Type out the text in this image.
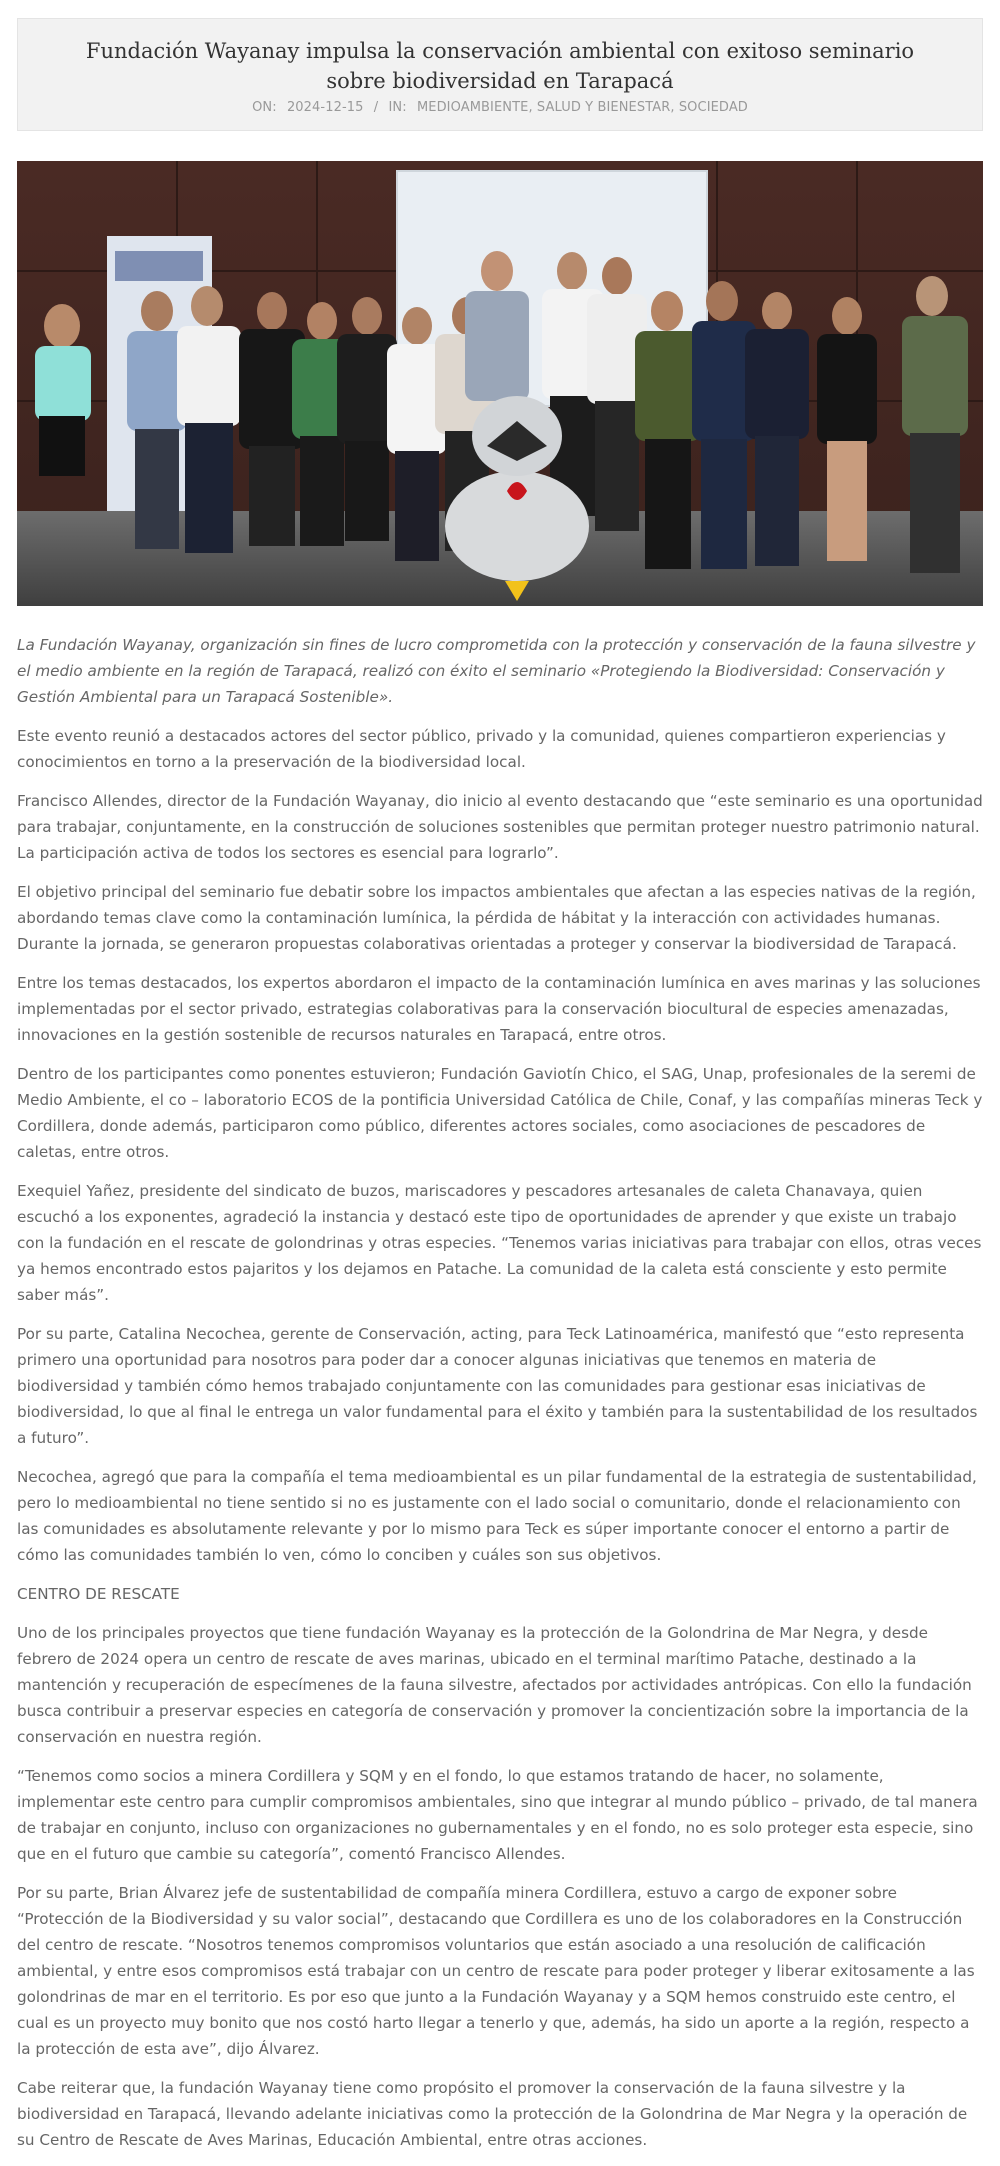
Fundación Wayanay impulsa la conservación ambiental con exitoso seminario sobre biodiversidad en Tarapacá
ON: 2024-12-15 / IN: MEDIOAMBIENTE, SALUD Y BIENESTAR, SOCIEDAD

La Fundación Wayanay, organización sin fines de lucro comprometida con la protección y conservación de la fauna silvestre y el medio ambiente en la región de Tarapacá, realizó con éxito el seminario «Protegiendo la Biodiversidad: Conservación y Gestión Ambiental para un Tarapacá Sostenible».

Este evento reunió a destacados actores del sector público, privado y la comunidad, quienes compartieron experiencias y conocimientos en torno a la preservación de la biodiversidad local.

Francisco Allendes, director de la Fundación Wayanay, dio inicio al evento destacando que “este seminario es una oportunidad para trabajar, conjuntamente, en la construcción de soluciones sostenibles que permitan proteger nuestro patrimonio natural. La participación activa de todos los sectores es esencial para lograrlo”.

El objetivo principal del seminario fue debatir sobre los impactos ambientales que afectan a las especies nativas de la región, abordando temas clave como la contaminación lumínica, la pérdida de hábitat y la interacción con actividades humanas. Durante la jornada, se generaron propuestas colaborativas orientadas a proteger y conservar la biodiversidad de Tarapacá.

Entre los temas destacados, los expertos abordaron el impacto de la contaminación lumínica en aves marinas y las soluciones implementadas por el sector privado, estrategias colaborativas para la conservación biocultural de especies amenazadas, innovaciones en la gestión sostenible de recursos naturales en Tarapacá, entre otros.

Dentro de los participantes como ponentes estuvieron; Fundación Gaviotín Chico, el SAG, Unap, profesionales de la seremi de Medio Ambiente, el co – laboratorio ECOS de la pontificia Universidad Católica de Chile, Conaf, y las compañías mineras Teck y Cordillera, donde además, participaron como público, diferentes actores sociales, como asociaciones de pescadores de caletas, entre otros.

Exequiel Yañez, presidente del sindicato de buzos, mariscadores y pescadores artesanales de caleta Chanavaya, quien escuchó a los exponentes, agradeció la instancia y destacó este tipo de oportunidades de aprender y que existe un trabajo con la fundación en el rescate de golondrinas y otras especies. “Tenemos varias iniciativas para trabajar con ellos, otras veces ya hemos encontrado estos pajaritos y los dejamos en Patache. La comunidad de la caleta está consciente y esto permite saber más”.

Por su parte, Catalina Necochea, gerente de Conservación, acting, para Teck Latinoamérica, manifestó que “esto representa primero una oportunidad para nosotros para poder dar a conocer algunas iniciativas que tenemos en materia de biodiversidad y también cómo hemos trabajado conjuntamente con las comunidades para gestionar esas iniciativas de biodiversidad, lo que al final le entrega un valor fundamental para el éxito y también para la sustentabilidad de los resultados a futuro”.

Necochea, agregó que para la compañía el tema medioambiental es un pilar fundamental de la estrategia de sustentabilidad, pero lo medioambiental no tiene sentido si no es justamente con el lado social o comunitario, donde el relacionamiento con las comunidades es absolutamente relevante y por lo mismo para Teck es súper importante conocer el entorno a partir de cómo las comunidades también lo ven, cómo lo conciben y cuáles son sus objetivos.

CENTRO DE RESCATE

Uno de los principales proyectos que tiene fundación Wayanay es la protección de la Golondrina de Mar Negra, y desde febrero de 2024 opera un centro de rescate de aves marinas, ubicado en el terminal marítimo Patache, destinado a la mantención y recuperación de especímenes de la fauna silvestre, afectados por actividades antrópicas. Con ello la fundación busca contribuir a preservar especies en categoría de conservación y promover la concientización sobre la importancia de la conservación en nuestra región.

“Tenemos como socios a minera Cordillera y SQM y en el fondo, lo que estamos tratando de hacer, no solamente, implementar este centro para cumplir compromisos ambientales, sino que integrar al mundo público – privado, de tal manera de trabajar en conjunto, incluso con organizaciones no gubernamentales y en el fondo, no es solo proteger esta especie, sino que en el futuro que cambie su categoría”, comentó Francisco Allendes.

Por su parte, Brian Álvarez jefe de sustentabilidad de compañía minera Cordillera, estuvo a cargo de exponer sobre “Protección de la Biodiversidad y su valor social”, destacando que Cordillera es uno de los colaboradores en la Construcción del centro de rescate. “Nosotros tenemos compromisos voluntarios que están asociado a una resolución de calificación ambiental, y entre esos compromisos está trabajar con un centro de rescate para poder proteger y liberar exitosamente a las golondrinas de mar en el territorio. Es por eso que junto a la Fundación Wayanay y a SQM hemos construido este centro, el cual es un proyecto muy bonito que nos costó harto llegar a tenerlo y que, además, ha sido un aporte a la región, respecto a la protección de esta ave”, dijo Álvarez.

Cabe reiterar que, la fundación Wayanay tiene como propósito el promover la conservación de la fauna silvestre y la biodiversidad en Tarapacá, llevando adelante iniciativas como la protección de la Golondrina de Mar Negra y la operación de su Centro de Rescate de Aves Marinas, Educación Ambiental, entre otras acciones.
